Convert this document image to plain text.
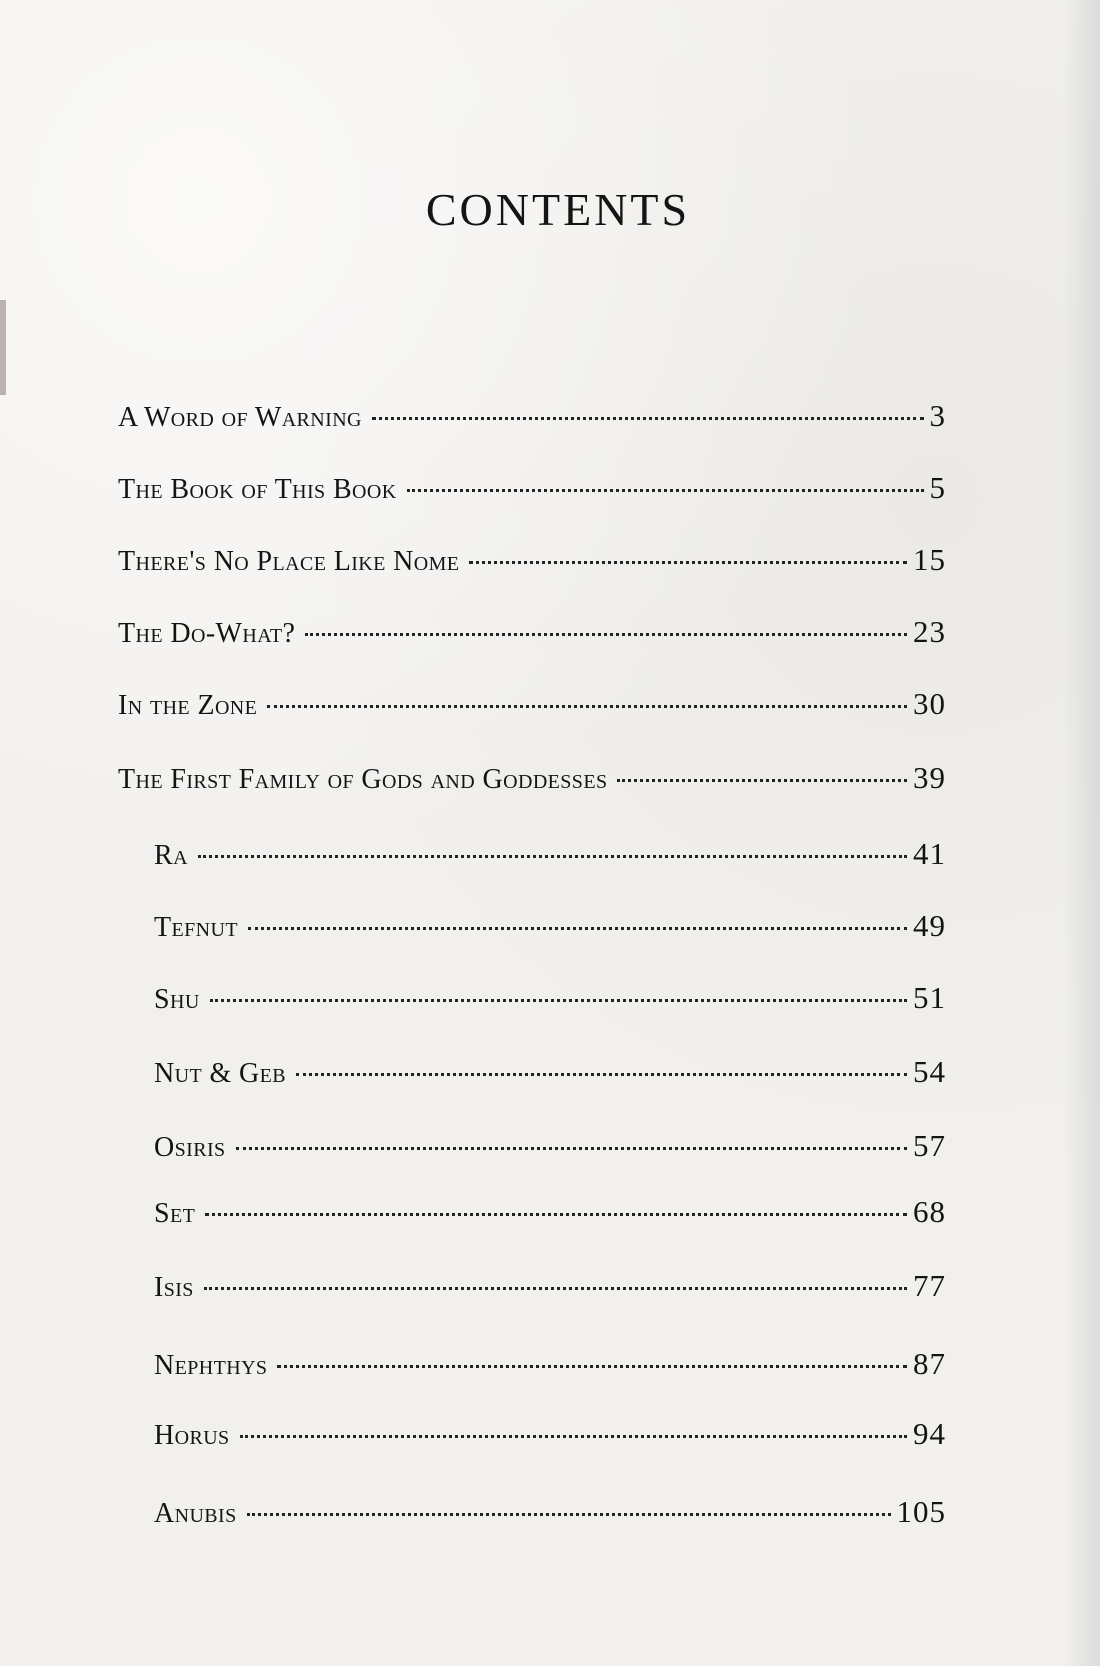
CONTENTS
A Word of Warning	3
The Book of This Book	5
There's No Place Like Nome	15
The Do-What?	23
In the Zone	30
The First Family of Gods and Goddesses	39
Ra	41
Tefnut	49
Shu	51
Nut & Geb	54
Osiris	57
Set	68
Isis	77
Nephthys	87
Horus	94
Anubis	105
